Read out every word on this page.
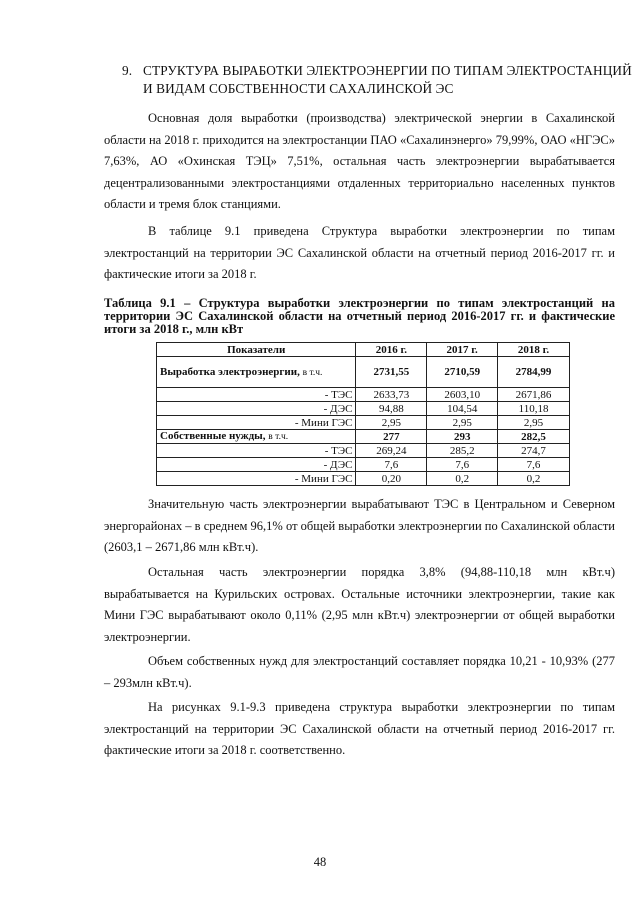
9. СТРУКТУРА ВЫРАБОТКИ ЭЛЕКТРОЭНЕРГИИ ПО ТИПАМ ЭЛЕКТРОСТАНЦИЙ
И ВИДАМ СОБСТВЕННОСТИ САХАЛИНСКОЙ ЭС

Основная доля выработки (производства) электрической энергии в Сахалинской области на 2018 г. приходится на электростанции ПАО «Сахалинэнерго» 79,99%, ОАО «НГЭС» 7,63%, АО «Охинская ТЭЦ» 7,51%, остальная часть электроэнергии вырабатывается децентрализованными электростанциями отдаленных территориально населенных пунктов области и тремя блок станциями.

В таблице 9.1 приведена Структура выработки электроэнергии по типам электростанций на территории ЭС Сахалинской области на отчетный период 2016-2017 гг. и фактические итоги за 2018 г.

Таблица 9.1 – Структура выработки электроэнергии по типам электростанций на территории ЭС Сахалинской области на отчетный период 2016-2017 гг. и фактические итоги за 2018 г., млн кВт

Показатели	2016 г.	2017 г.	2018 г.
Выработка электроэнергии, в т.ч.	2731,55	2710,59	2784,99
- ТЭС	2633,73	2603,10	2671,86
- ДЭС	94,88	104,54	110,18
- Мини ГЭС	2,95	2,95	2,95
Собственные нужды, в т.ч.	277	293	282,5
- ТЭС	269,24	285,2	274,7
- ДЭС	7,6	7,6	7,6
- Мини ГЭС	0,20	0,2	0,2

Значительную часть электроэнергии вырабатывают ТЭС в Центральном и Северном энергорайонах – в среднем 96,1% от общей выработки электроэнергии по Сахалинской области (2603,1 – 2671,86 млн кВт.ч).

Остальная часть электроэнергии порядка 3,8% (94,88-110,18 млн кВт.ч) вырабатывается на Курильских островах. Остальные источники электроэнергии, такие как Мини ГЭС вырабатывают около 0,11% (2,95 млн кВт.ч) электроэнергии от общей выработки электроэнергии.

Объем собственных нужд для электростанций составляет порядка 10,21 - 10,93% (277 – 293млн кВт.ч).

На рисунках 9.1-9.3 приведена структура выработки электроэнергии по типам электростанций на территории ЭС Сахалинской области на отчетный период 2016-2017 гг. фактические итоги за 2018 г. соответственно.

48
